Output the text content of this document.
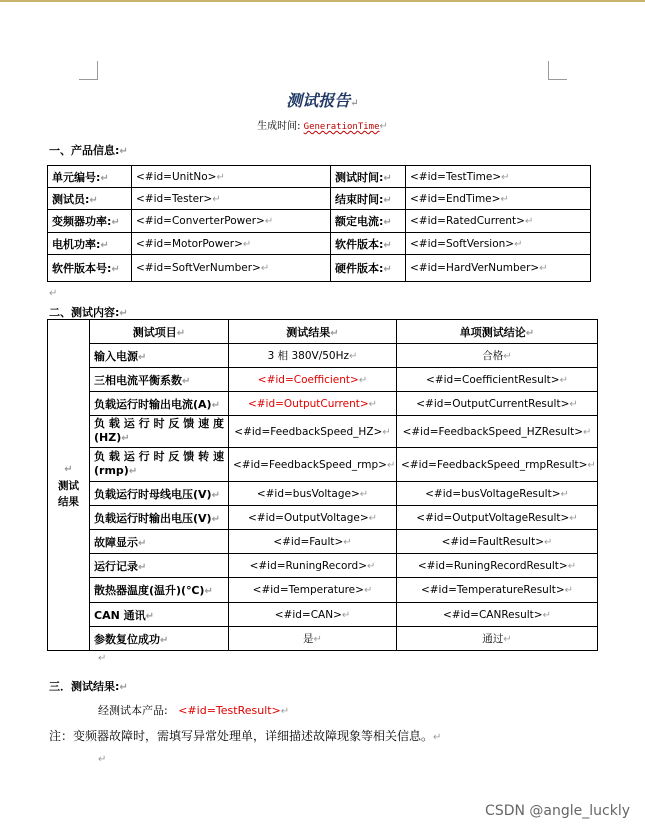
测试报告↵
生成时间: GenerationTime↵
一、产品信息:↵
单元编号:↵	<#id=UnitNo>↵	测试时间:↵	<#id=TestTime>↵
测试员:↵	<#id=Tester>↵	结束时间:↵	<#id=EndTime>↵
变频器功率:↵	<#id=ConverterPower>↵	额定电流:↵	<#id=RatedCurrent>↵
电机功率:↵	<#id=MotorPower>↵	软件版本:↵	<#id=SoftVersion>↵
软件版本号:↵	<#id=SoftVerNumber>↵	硬件版本:↵	<#id=HardVerNumber>↵
↵
二、测试内容:↵
↵
测试
结果	测试项目↵	测试结果↵	单项测试结论↵
	输入电源↵	3 相 380V/50Hz↵	合格↵
	三相电流平衡系数↵	<#id=Coefficient>↵	<#id=CoefficientResult>↵
	负载运行时输出电流(A)↵	<#id=OutputCurrent>↵	<#id=OutputCurrentResult>↵
	负载运行时反馈速度(HZ)↵	<#id=FeedbackSpeed_HZ>↵	<#id=FeedbackSpeed_HZResult>↵
	负载运行时反馈转速(rmp)↵	<#id=FeedbackSpeed_rmp>↵	<#id=FeedbackSpeed_rmpResult>↵
	负载运行时母线电压(V)↵	<#id=busVoltage>↵	<#id=busVoltageResult>↵
	负载运行时输出电压(V)↵	<#id=OutputVoltage>↵	<#id=OutputVoltageResult>↵
	故障显示↵	<#id=Fault>↵	<#id=FaultResult>↵
	运行记录↵	<#id=RuningRecord>↵	<#id=RuningRecordResult>↵
	散热器温度(温升)(℃)↵	<#id=Temperature>↵	<#id=TemperatureResult>↵
	CAN 通讯↵	<#id=CAN>↵	<#id=CANResult>↵
	参数复位成功↵	是↵	通过↵
↵
三．测试结果:↵
经测试本产品: <#id=TestResult>↵
注：变频器故障时，需填写异常处理单，详细描述故障现象等相关信息。↵
↵
CSDN @angle_luckly
